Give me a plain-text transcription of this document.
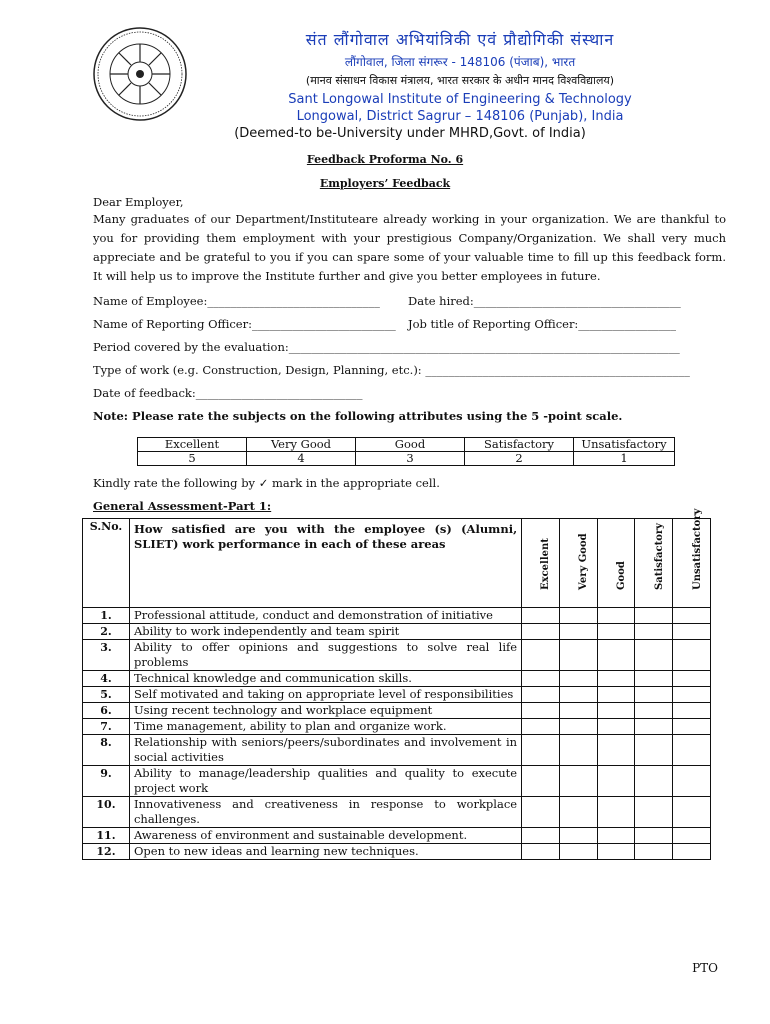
संत लौंगोवाल अभियांत्रिकी एवं प्रौद्योगिकी संस्थान
लौंगोवाल, जिला संगरूर - 148106 (पंजाब), भारत
(मानव संसाधन विकास मंत्रालय, भारत सरकार के अधीन मानद विश्वविद्यालय)
Sant Longowal Institute of Engineering & Technology
Longowal, District Sagrur – 148106 (Punjab), India
(Deemed-to be-University under MHRD,Govt. of India)
Feedback Proforma No. 6
Employers’ Feedback
Dear Employer,
Many graduates of our Department/Instituteare already working in your organization. We are thankful to you for providing them employment with your prestigious Company/Organization. We shall very much appreciate and be grateful to you if you can spare some of your valuable time to fill up this feedback form. It will help us to improve the Institute further and give you better employees in future.
Name of Employee:______________________________ Date hired:____________________________________
Name of Reporting Officer:_________________________ Job title of Reporting Officer:_________________
Period covered by the evaluation:____________________________________________________________________
Type of work (e.g. Construction, Design, Planning, etc.): ______________________________________________
Date of feedback:_____________________________
Note: Please rate the subjects on the following attributes using the 5 -point scale.
Excellent	Very Good	Good	Satisfactory	Unsatisfactory
5	4	3	2	1
Kindly rate the following by ✓ mark in the appropriate cell.
General Assessment-Part 1:
S.No.	How satisfied are you with the employee (s) (Alumni, SLIET) work performance in each of these areas	Excellent	Very Good	Good	Satisfactory	Unsatisfactory

1.	Professional attitude, conduct and demonstration of initiative					
2.	Ability to work independently and team spirit					
3.	Ability to offer opinions and suggestions to solve real life problems					
4.	Technical knowledge and communication skills.					
5.	Self motivated and taking on appropriate level of responsibilities					
6.	Using recent technology and workplace equipment					
7.	Time management, ability to plan and organize work.					
8.	Relationship with seniors/peers/subordinates and involvement in social activities					
9.	Ability to manage/leadership qualities and quality to execute project work					
10.	Innovativeness and creativeness in response to workplace challenges.					
11.	Awareness of environment and sustainable development.					
12.	Open to new ideas and learning new techniques.					
PTO
